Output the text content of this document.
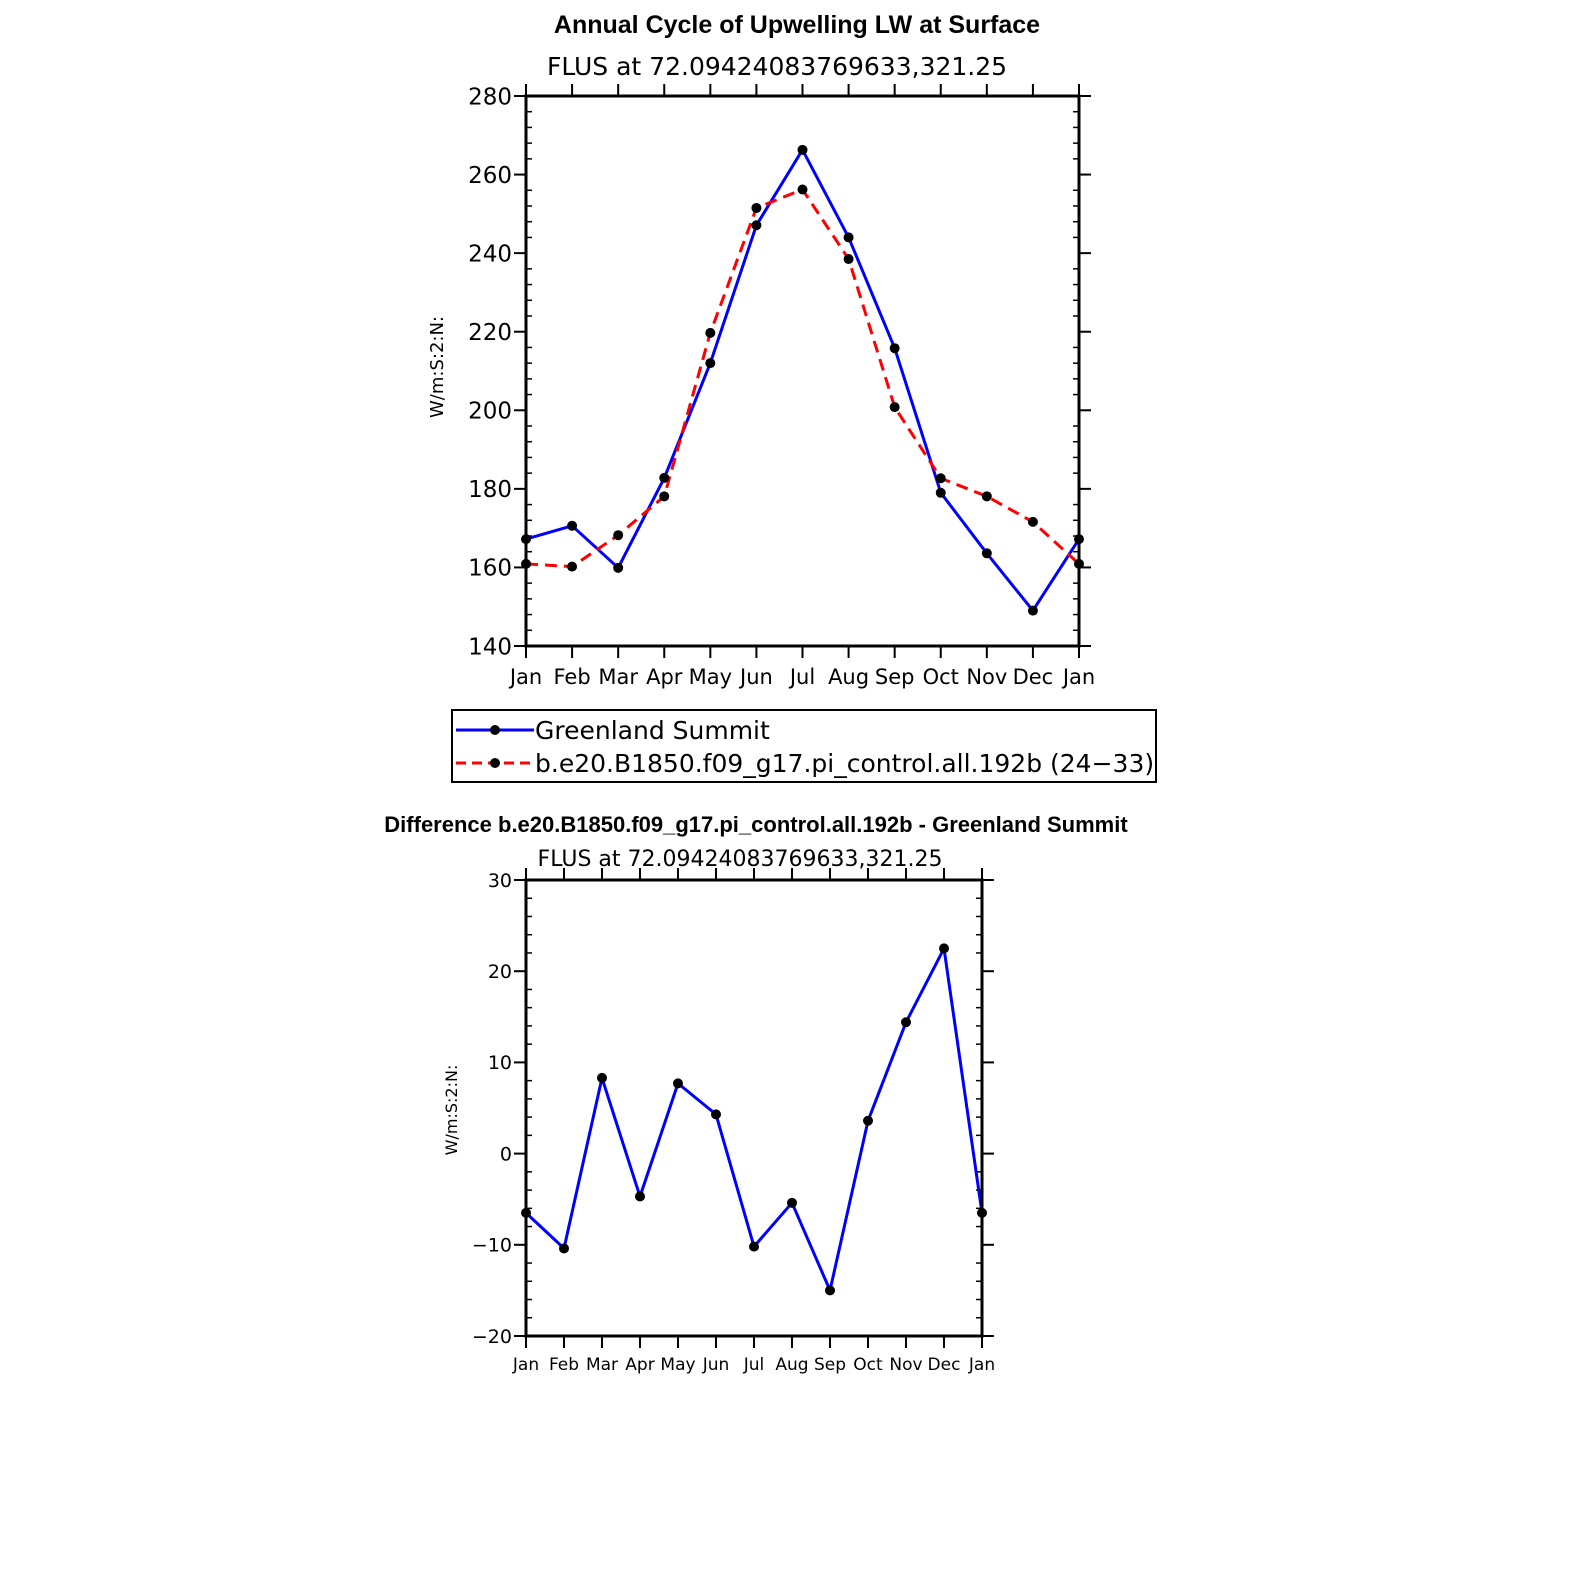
Annual Cycle of Upwelling LW at Surface
FLUS at 72.09424083769633,321.25
W/m:S:2:N:
140
160
180
200
220
240
260
280
Jan Feb Mar Apr May Jun Jul Aug Sep Oct Nov Dec Jan
Greenland Summit
b.e20.B1850.f09_g17.pi_control.all.192b (24−33)
Difference b.e20.B1850.f09_g17.pi_control.all.192b - Greenland Summit
FLUS at 72.09424083769633,321.25
W/m:S:2:N:
−20
−10
0
10
20
30
Jan Feb Mar Apr May Jun Jul Aug Sep Oct Nov Dec Jan
